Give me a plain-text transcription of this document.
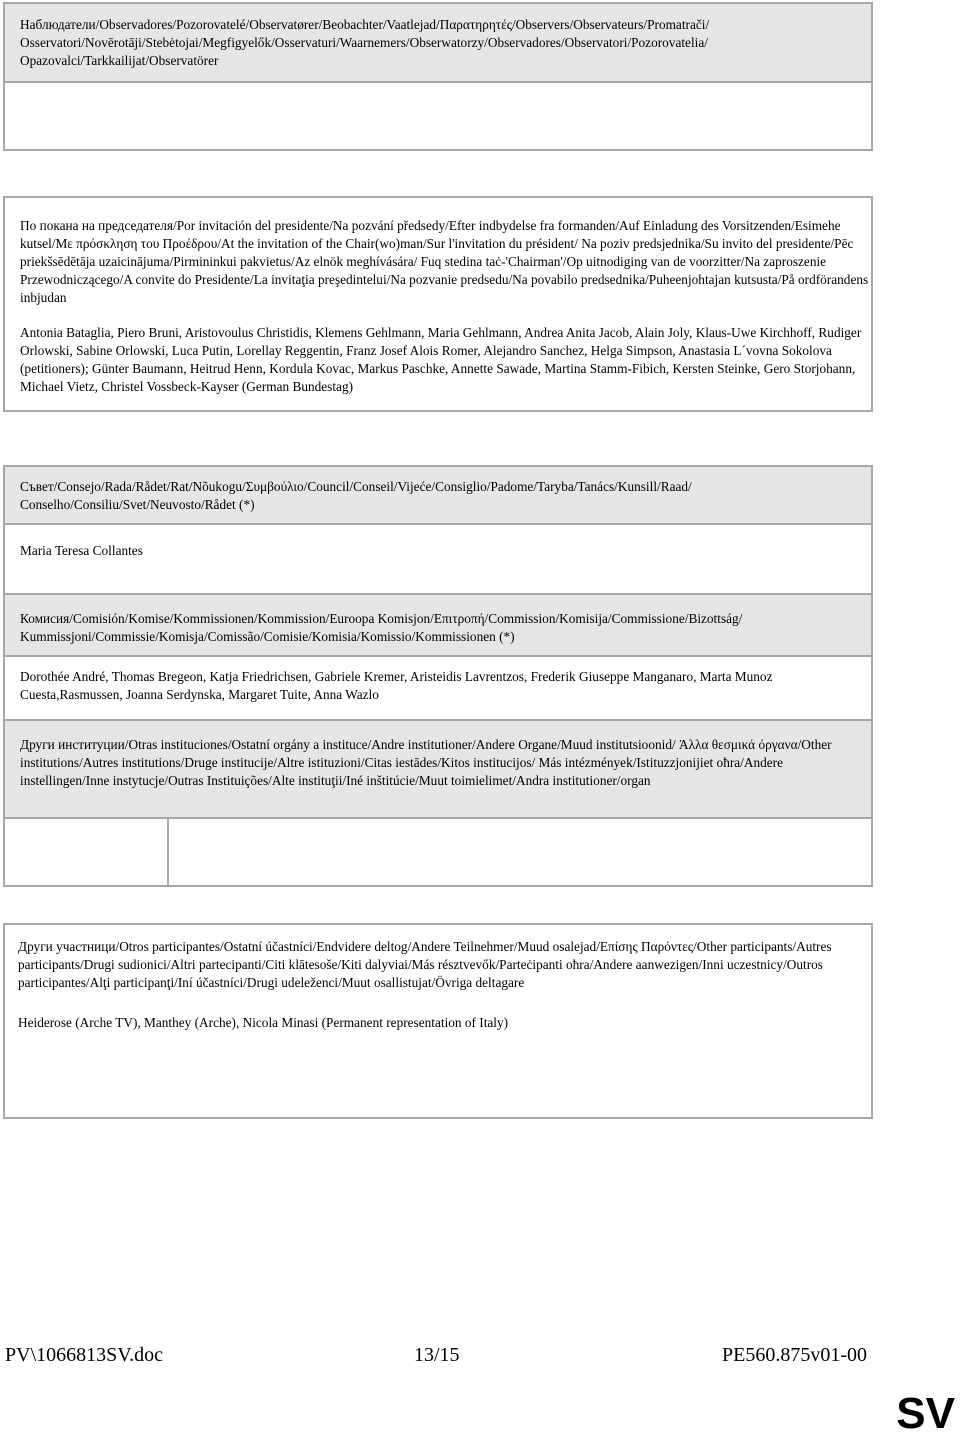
Наблюдатели/Observadores/Pozorovatelé/Observatører/Beobachter/Vaatlejad/Παρατηρητές/Observers/Observateurs/Promatrači/ Osservatori/Novērotāji/Stebėtojai/Megfigyelők/Osservaturi/Waarnemers/Obserwatorzy/Observadores/Observatori/Pozorovatelia/ Opazovalci/Tarkkailijat/Observatörer
По покана на председателя/Por invitación del presidente/Na pozvání předsedy/Efter indbydelse fra formanden/Auf Einladung des Vorsitzenden/Esimehe kutsel/Με πρόσκληση του Προέδρου/At the invitation of the Chair(wo)man/Sur l'invitation du président/ Na poziv predsjednika/Su invito del presidente/Pēc priekšsēdētāja uzaicinājuma/Pirmininkui pakvietus/Az elnök meghívására/ Fuq stedina taċ-'Chairman'/Op uitnodiging van de voorzitter/Na zaproszenie Przewodniczącego/A convite do Presidente/La invitaţia preşedintelui/Na pozvanie predsedu/Na povabilo predsednika/Puheenjohtajan kutsusta/På ordförandens inbjudan
Antonia Bataglia, Piero Bruni, Aristovoulus Christidis, Klemens Gehlmann, Maria Gehlmann, Andrea Anita Jacob, Alain Joly, Klaus-Uwe Kirchhoff, Rudiger Orlowski, Sabine Orlowski, Luca Putin, Lorellay Reggentin, Franz Josef Alois Romer, Alejandro Sanchez, Helga Simpson, Anastasia L´vovna Sokolova (petitioners); Günter Baumann, Heitrud Henn, Kordula Kovac, Markus Paschke, Annette Sawade, Martina Stamm-Fibich, Kersten Steinke, Gero Storjohann, Michael Vietz, Christel Vossbeck-Kayser (German Bundestag)
Съвет/Consejo/Rada/Rådet/Rat/Nõukogu/Συμβούλιο/Council/Conseil/Vijeće/Consiglio/Padome/Taryba/Tanács/Kunsill/Raad/ Conselho/Consiliu/Svet/Neuvosto/Rådet (*)
Maria Teresa Collantes
Комисия/Comisión/Komise/Kommissionen/Kommission/Euroopa Komisjon/Επιτροπή/Commission/Komisija/Commissione/Bizottság/ Kummissjoni/Commissie/Komisja/Comissão/Comisie/Komisia/Komissio/Kommissionen (*)
Dorothée André, Thomas Bregeon, Katja Friedrichsen, Gabriele Kremer, Aristeidis Lavrentzos, Frederik Giuseppe Manganaro, Marta Munoz Cuesta,Rasmussen, Joanna Serdynska, Margaret Tuite, Anna Wazlo
Други институции/Otras instituciones/Ostatní orgány a instituce/Andre institutioner/Andere Organe/Muud institutsioonid/ Άλλα θεσμικά όργανα/Other institutions/Autres institutions/Druge institucije/Altre istituzioni/Citas iestādes/Kitos institucijos/ Más intézmények/Istituzzjonijiet oħra/Andere instellingen/Inne instytucje/Outras Instituições/Alte instituţii/Iné inštitúcie/Muut toimielimet/Andra institutioner/organ
Други участници/Otros participantes/Ostatní účastníci/Endvidere deltog/Andere Teilnehmer/Muud osalejad/Επίσης Παρόντες/Other participants/Autres participants/Drugi sudionici/Altri partecipanti/Citi klātesoše/Kiti dalyviai/Más résztvevők/Parteċipanti oħra/Andere aanwezigen/Inni uczestnicy/Outros participantes/Alţi participanţi/Iní účastníci/Drugi udeleženci/Muut osallistujat/Övriga deltagare
Heiderose (Arche TV), Manthey (Arche), Nicola Minasi (Permanent representation of Italy)
PV\1066813SV.doc	13/15	PE560.875v01-00
SV
